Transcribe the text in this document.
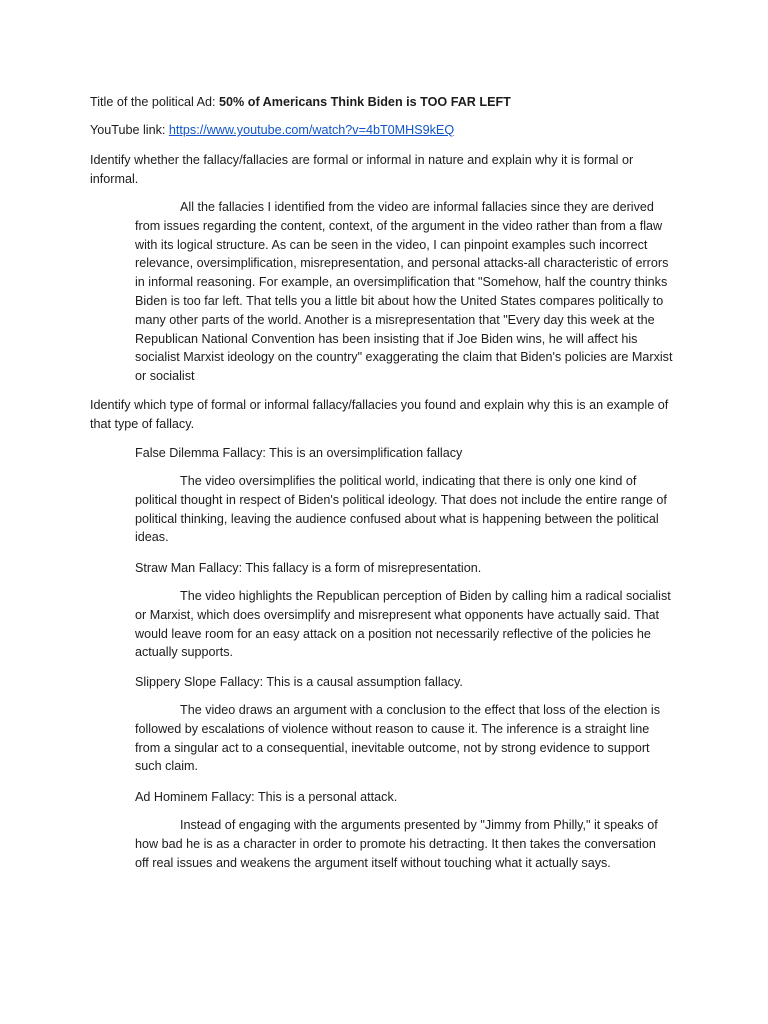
Title of the political Ad: 50% of Americans Think Biden is TOO FAR LEFT
YouTube link: https://www.youtube.com/watch?v=4bT0MHS9kEQ

Identify whether the fallacy/fallacies are formal or informal in nature and explain why it is formal or informal.

All the fallacies I identified from the video are informal fallacies since they are derived from issues regarding the content, context, of the argument in the video rather than from a flaw with its logical structure. As can be seen in the video, I can pinpoint examples such incorrect relevance, oversimplification, misrepresentation, and personal attacks-all characteristic of errors in informal reasoning. For example, an oversimplification that "Somehow, half the country thinks Biden is too far left. That tells you a little bit about how the United States compares politically to many other parts of the world. Another is a misrepresentation that "Every day this week at the Republican National Convention has been insisting that if Joe Biden wins, he will affect his socialist Marxist ideology on the country" exaggerating the claim that Biden's policies are Marxist or socialist

Identify which type of formal or informal fallacy/fallacies you found and explain why this is an example of that type of fallacy.

False Dilemma Fallacy: This is an oversimplification fallacy

The video oversimplifies the political world, indicating that there is only one kind of political thought in respect of Biden's political ideology. That does not include the entire range of political thinking, leaving the audience confused about what is happening between the political ideas.

Straw Man Fallacy: This fallacy is a form of misrepresentation.

The video highlights the Republican perception of Biden by calling him a radical socialist or Marxist, which does oversimplify and misrepresent what opponents have actually said. That would leave room for an easy attack on a position not necessarily reflective of the policies he actually supports.

Slippery Slope Fallacy: This is a causal assumption fallacy.

The video draws an argument with a conclusion to the effect that loss of the election is followed by escalations of violence without reason to cause it. The inference is a straight line from a singular act to a consequential, inevitable outcome, not by strong evidence to support such claim.

Ad Hominem Fallacy: This is a personal attack.

Instead of engaging with the arguments presented by "Jimmy from Philly," it speaks of how bad he is as a character in order to promote his detracting. It then takes the conversation off real issues and weakens the argument itself without touching what it actually says.
